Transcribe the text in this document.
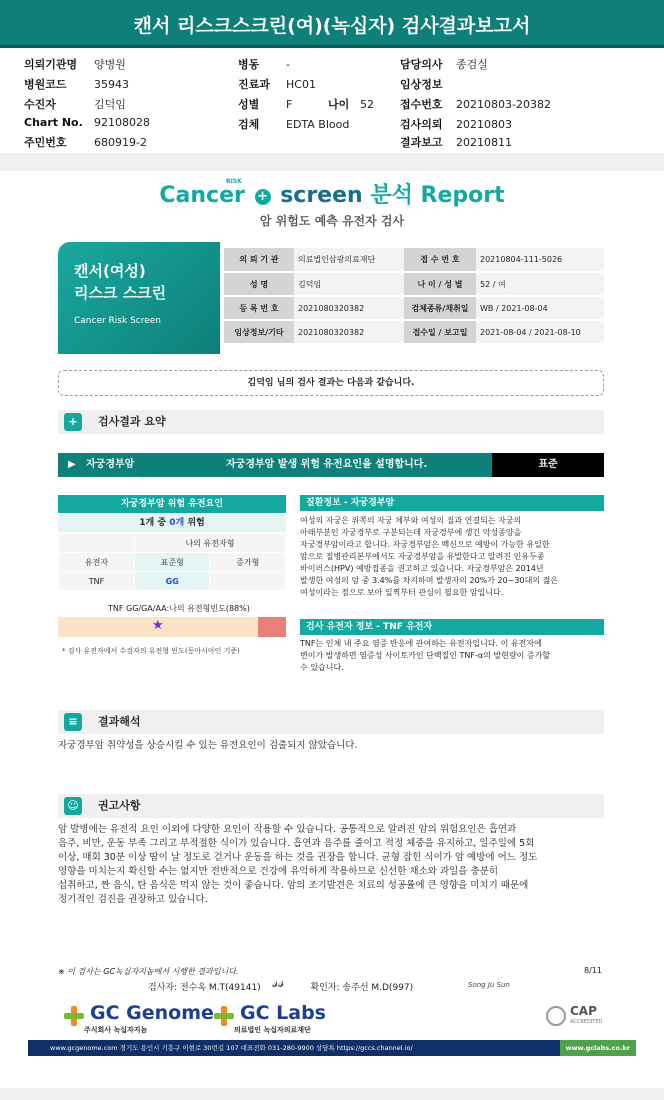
캔서 리스크스크린(여)(녹십자) 검사결과보고서
의뢰기관명 양병원
병원코드 35943
수진자	김덕임
Chart No. 92108028
주민번호 680919-2
병동 -
진료과 HC01
성별 F	나이 52
검체 EDTA Blood
담당의사 종검실
임상정보
접수번호 20210803-20382
검사의뢰 20210803
결과보고 20210811
Cancer + screen 분석 Report
RISK
암 위험도 예측 유전자 검사
캔서(여성)
리스크 스크린
Cancer Risk Screen
의 뢰 기 관	의료법인삼광의료재단	접 수 번 호	20210804-111-5026
성 명	김덕임	나 이 / 성 별	52 / 여
등 록 번 호	2021080320382	검체종류/채취일	WB / 2021-08-04
임상정보/기타	2021080320382	접수일 / 보고일	2021-08-04 / 2021-08-10
김덕임 님의 검사 결과는 다음과 같습니다.
+	검사결과 요약
▶ 자궁경부암	자궁경부암 발생 위험 유전요인을 설명합니다.	표준
자궁경부암 위험 유전요인
1개 중 0개 위험
	나의 유전자형	
유전자	표준형	증가형
TNF	GG	
TNF GG/GA/AA:나의 유전형빈도(88%)
★
* 검사 유전자에서 수검자의 유전형 빈도(동아시아인 기준)
질환정보 - 자궁경부암
여성의 자궁은 위쪽의 자궁 체부와 여성의 질과 연결되는 자궁의
아래부분인 자궁경부로 구분되는데 자궁경부에 생긴 악성종양을
자궁경부암이라고 합니다. 자궁경부암은 백신으로 예방이 가능한 유일한
암으로 질병관리본부에서도 자궁경부암을 유발한다고 알려진 인유두종
바이러스(HPV) 예방접종을 권고하고 있습니다. 자궁경부암은 2014년
발생한 여성의 암 중 3.4%를 차지하며 발생자의 20%가 20~30대의 젊은
여성이라는 점으로 보아 일찍부터 관심이 필요한 암입니다.
검사 유전자 정보 - TNF 유전자
TNF는 인체 내 주요 염증 반응에 관여하는 유전자입니다. 이 유전자에
변이가 발생하면 염증성 사이토카인 단백질인 TNF-α의 발현량이 증가할
수 있습니다.
≡	결과해석
자궁경부암 취약성을 상승시킬 수 있는 유전요인이 검출되지 않았습니다.
☺ 권고사항
암 발병에는 유전적 요인 이외에 다양한 요인이 작용할 수 있습니다. 공통적으로 알려진 암의 위험요인은 흡연과
음주, 비만, 운동 부족 그리고 부적절한 식이가 있습니다. 흡연과 음주를 줄이고 적정 체중을 유지하고, 일주일에 5회
이상, 매회 30분 이상 땀이 날 정도로 걷거나 운동을 하는 것을 권장을 합니다. 균형 잡힌 식이가 암 예방에 어느 정도
영향을 미치는지 확신할 수는 없지만 전반적으로 건강에 유익하게 작용하므로 신선한 채소와 과일을 충분히
섭취하고, 짠 음식, 탄 음식은 먹지 않는 것이 좋습니다. 암의 조기발견은 치료의 성공률에 큰 영향을 미치기 때문에
정기적인 검진을 권장하고 있습니다.
※ 이 검사는 GC녹십자지놈에서 시행한 결과입니다.	8/11
검사자: 전수옥 M.T(49141)	확인자: 송주선 M.D(997)
𝓈𝓈	Song Ju Sun
GC Genome
주식회사 녹십자지놈
GC Labs
의료법인 녹십자의료재단
CAP
ACCREDITED
www.gcgenome.com 경기도 용인시 기흥구 이현로 30번길 107 대표전화 031-280-9900 상담톡 https://gccs.channel.io/	www.gclabs.co.kr
